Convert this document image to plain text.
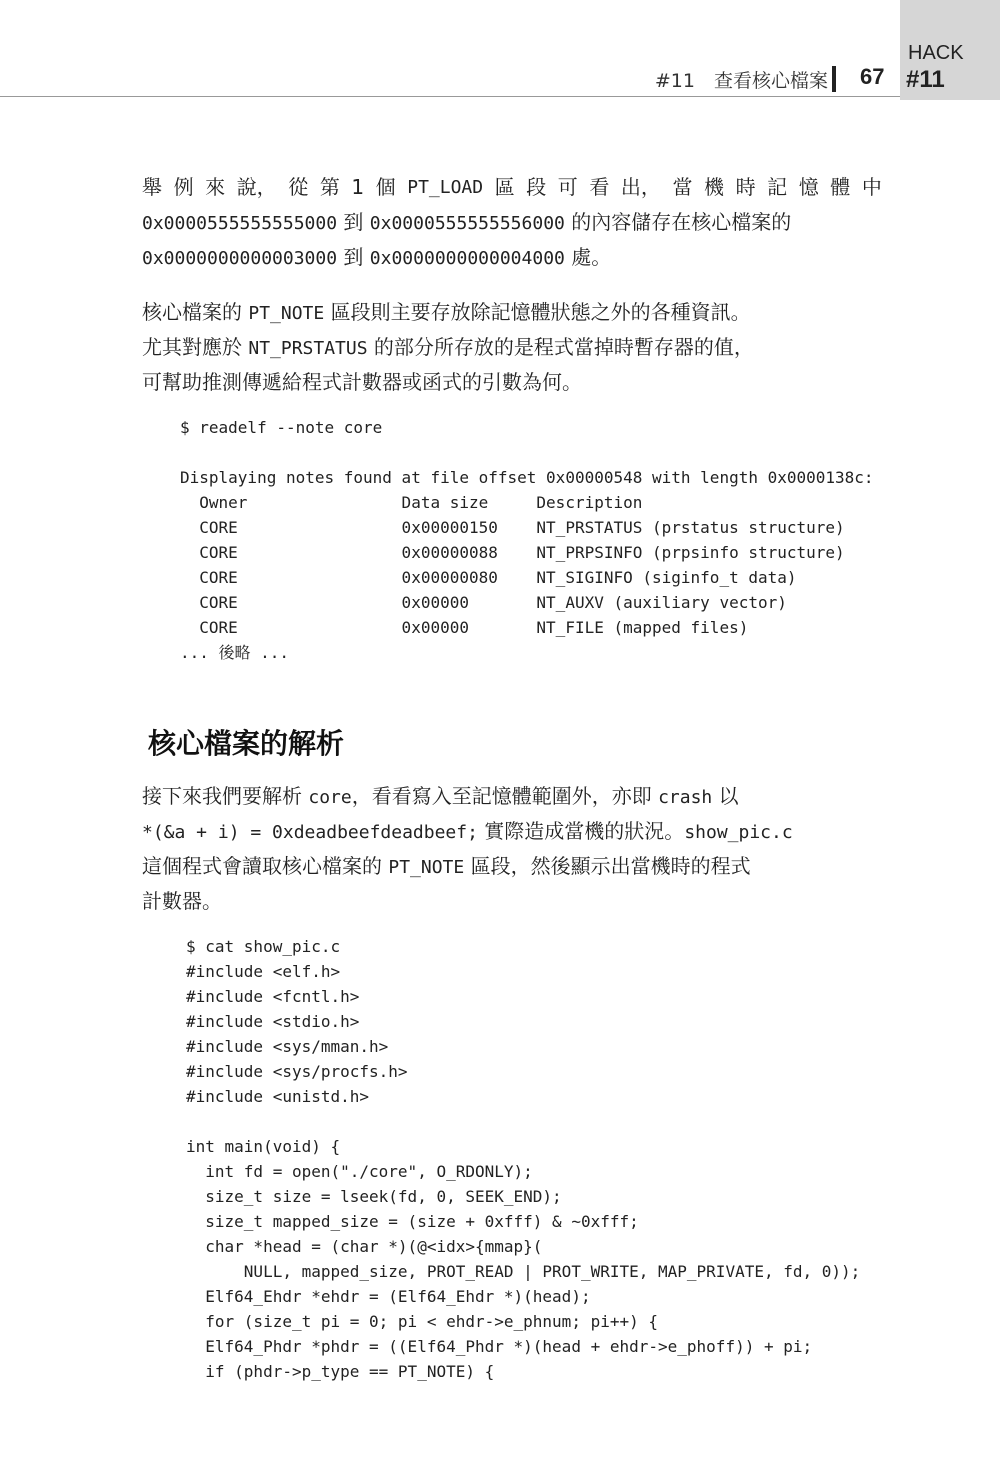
HACK
#11
#11　查看核心檔案 67
舉 例 來 說， 從 第 1 個 PT_LOAD 區 段 可 看 出， 當 機 時 記 憶 體 中
0x0000555555555000 到 0x0000555555556000 的內容儲存在核心檔案的
0x0000000000003000 到 0x0000000000004000 處。
核心檔案的 PT_NOTE 區段則主要存放除記憶體狀態之外的各種資訊。
尤其對應於 NT_PRSTATUS 的部分所存放的是程式當掉時暫存器的值，
可幫助推測傳遞給程式計數器或函式的引數為何。
$ readelf --note core
Displaying notes found at file offset 0x00000548 with length 0x0000138c:
Owner                Data size     Description
CORE                 0x00000150    NT_PRSTATUS (prstatus structure)
CORE                 0x00000088    NT_PRPSINFO (prpsinfo structure)
CORE                 0x00000080    NT_SIGINFO (siginfo_t data)
CORE                 0x00000       NT_AUXV (auxiliary vector)
CORE                 0x00000       NT_FILE (mapped files)
... 後略 ...
核心檔案的解析
接下來我們要解析 core，看看寫入至記憶體範圍外，亦即 crash 以
*(&a + i) = 0xdeadbeefdeadbeef; 實際造成當機的狀況。show_pic.c
這個程式會讀取核心檔案的 PT_NOTE 區段，然後顯示出當機時的程式
計數器。
$ cat show_pic.c
#include <elf.h>
#include <fcntl.h>
#include <stdio.h>
#include <sys/mman.h>
#include <sys/procfs.h>
#include <unistd.h>
int main(void) {
int fd = open("./core", O_RDONLY);
size_t size = lseek(fd, 0, SEEK_END);
size_t mapped_size = (size + 0xfff) & ~0xfff;
char *head = (char *)(@<idx>{mmap}(
NULL, mapped_size, PROT_READ | PROT_WRITE, MAP_PRIVATE, fd, 0));
Elf64_Ehdr *ehdr = (Elf64_Ehdr *)(head);
for (size_t pi = 0; pi < ehdr->e_phnum; pi++) {
Elf64_Phdr *phdr = ((Elf64_Phdr *)(head + ehdr->e_phoff)) + pi;
if (phdr->p_type == PT_NOTE) {
